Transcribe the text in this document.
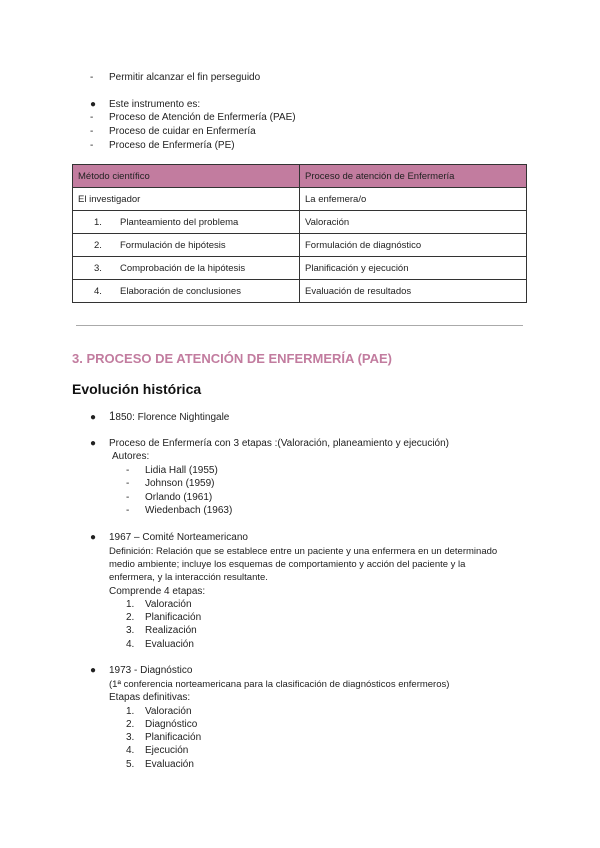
- Permitir alcanzar el fin perseguido
● Este instrumento es:
- Proceso de Atención de Enfermería (PAE)
- Proceso de cuidar en Enfermería
- Proceso de Enfermería (PE)
Método científico	Proceso de atención de Enfermería
El investigador	La enfemera/o
1. Planteamiento del problema	Valoración
2. Formulación de hipótesis	Formulación de diagnóstico
3. Comprobación de la hipótesis	Planificación y ejecución
4. Elaboración de conclusiones	Evaluación de resultados
3. PROCESO DE ATENCIÓN DE ENFERMERÍA (PAE)
Evolución histórica
● 1850: Florence Nightingale
● Proceso de Enfermería con 3 etapas :(Valoración, planeamiento y ejecución)
Autores:
- Lidia Hall (1955)
- Johnson (1959)
- Orlando (1961)
- Wiedenbach (1963)
● 1967 – Comité Norteamericano
Definición: Relación que se establece entre un paciente y una enfermera en un determinado
medio ambiente; incluye los esquemas de comportamiento y acción del paciente y la
enfermera, y la interacción resultante.
Comprende 4 etapas:
1. Valoración
2. Planificación
3. Realización
4. Evaluación
● 1973 - Diagnóstico
(1ª conferencia norteamericana para la clasificación de diagnósticos enfermeros)
Etapas definitivas:
1. Valoración
2. Diagnóstico
3. Planificación
4. Ejecución
5. Evaluación
